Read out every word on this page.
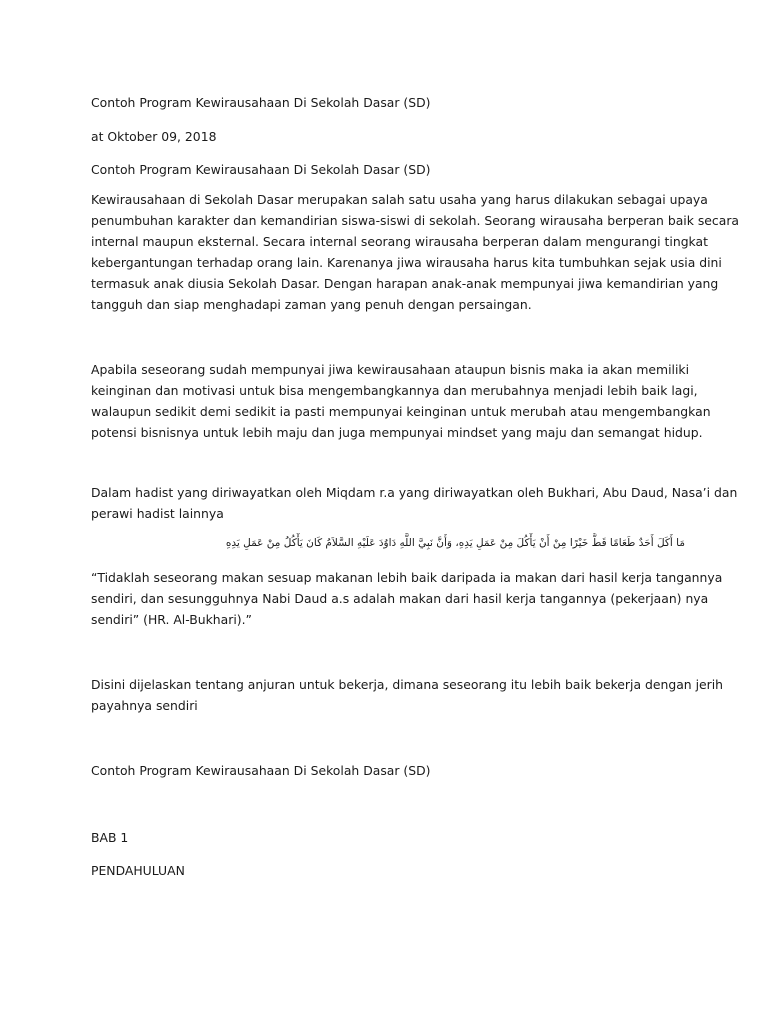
Contoh Program Kewirausahaan Di Sekolah Dasar (SD)

at Oktober 09, 2018

Contoh Program Kewirausahaan Di Sekolah Dasar (SD)

Kewirausahaan di Sekolah Dasar merupakan salah satu usaha yang harus dilakukan sebagai upaya
penumbuhan karakter dan kemandirian siswa-siswi di sekolah. Seorang wirausaha berperan baik secara
internal maupun eksternal. Secara internal seorang wirausaha berperan dalam mengurangi tingkat
kebergantungan terhadap orang lain. Karenanya jiwa wirausaha harus kita tumbuhkan sejak usia dini
termasuk anak diusia Sekolah Dasar. Dengan harapan anak-anak mempunyai jiwa kemandirian yang
tangguh dan siap menghadapi zaman yang penuh dengan persaingan.
Apabila seseorang sudah mempunyai jiwa kewirausahaan ataupun bisnis maka ia akan memiliki
keinginan dan motivasi untuk bisa mengembangkannya dan merubahnya menjadi lebih baik lagi,
walaupun sedikit demi sedikit ia pasti mempunyai keinginan untuk merubah atau mengembangkan
potensi bisnisnya untuk lebih maju dan juga mempunyai mindset yang maju dan semangat hidup.
Dalam hadist yang diriwayatkan oleh Miqdam r.a yang diriwayatkan oleh Bukhari, Abu Daud, Nasa’i dan
perawi hadist lainnya

مَا أَكَلَ أَحَدٌ طَعَامًا قَطُّ خَيْرًا مِنْ أَنْ يَأْكُلَ مِنْ عَمَلِ يَدِهِ، وَأَنَّ نَبِيَّ اللَّهِ دَاوُدَ عَلَيْهِ السَّلاَمُ كَانَ يَأْكُلُ مِنْ عَمَلِ يَدِهِ

“Tidaklah seseorang makan sesuap makanan lebih baik daripada ia makan dari hasil kerja tangannya
sendiri, dan sesungguhnya Nabi Daud a.s adalah makan dari hasil kerja tangannya (pekerjaan) nya
sendiri” (HR. Al-Bukhari).”
Disini dijelaskan tentang anjuran untuk bekerja, dimana seseorang itu lebih baik bekerja dengan jerih
payahnya sendiri

Contoh Program Kewirausahaan Di Sekolah Dasar (SD)

BAB 1

PENDAHULUAN
